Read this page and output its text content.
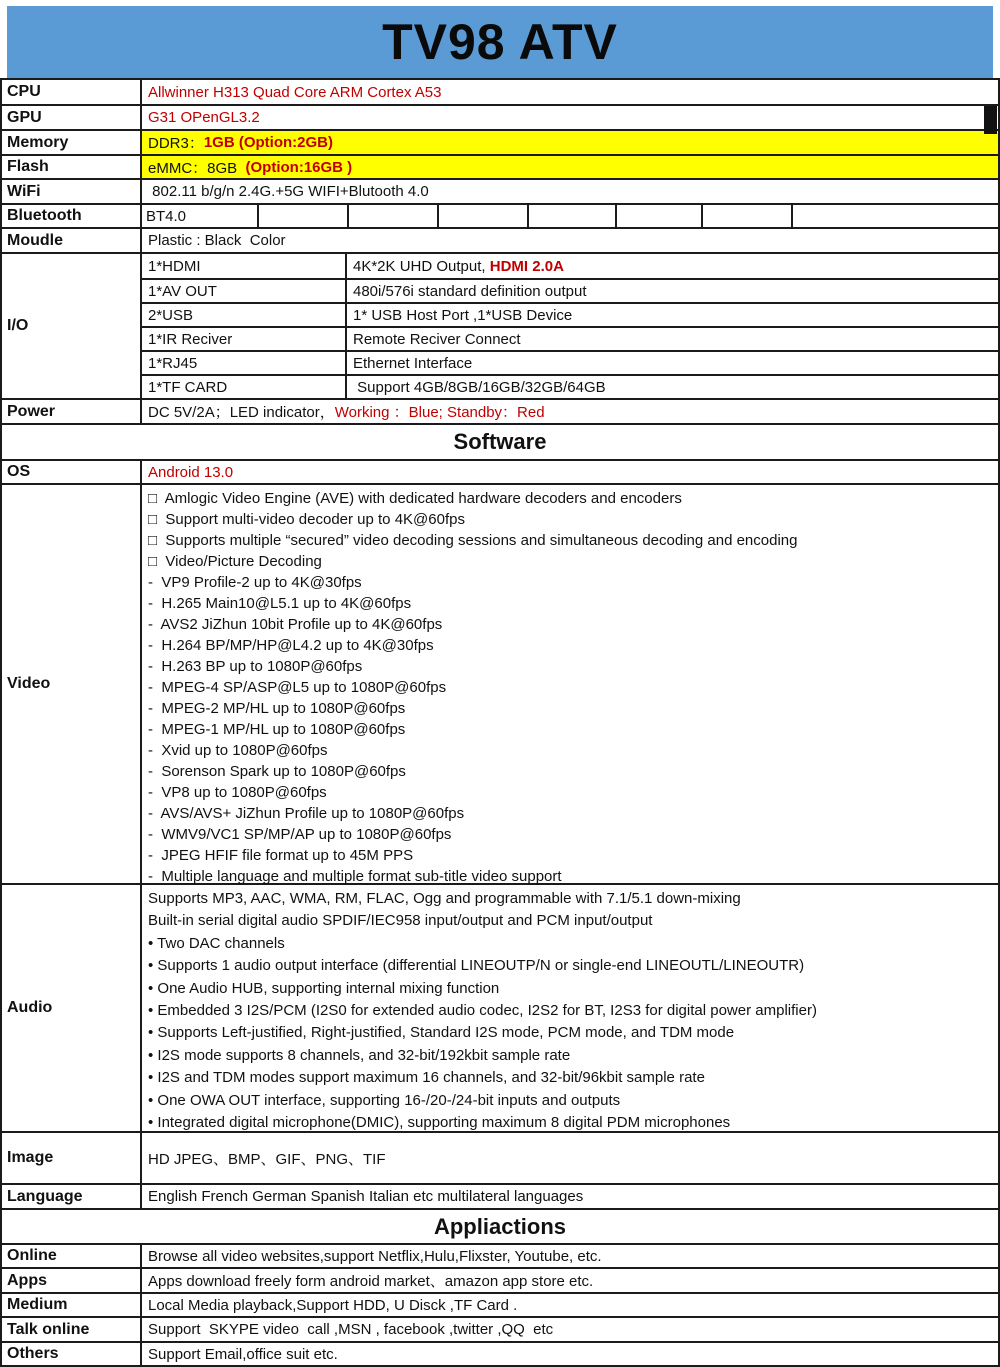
TV98 ATV
CPU	Allwinner H313 Quad Core ARM Cortex A53
GPU	G31 OPenGL3.2
Memory	DDR3： 1GB (Option:2GB)
Flash	eMMC：8GB (Option:16GB )
WiFi	802.11 b/g/n 2.4G.+5G WIFI+Blutooth 4.0
Bluetooth	BT4.0
Moudle	Plastic : Black  Color
I/O
1*HDMI	4K*2K UHD Output, HDMI 2.0A
1*AV OUT	480i/576i standard definition output
2*USB	1* USB Host Port ,1*USB Device
1*IR Reciver	Remote Reciver Connect
1*RJ45	Ethernet Interface
1*TF CARD	Support 4GB/8GB/16GB/32GB/64GB
Power	DC 5V/2A；LED indicator， Working ：Blue; Standby：Red
Software
OS	Android 13.0
Video
□  Amlogic Video Engine (AVE) with dedicated hardware decoders and encoders
□  Support multi-video decoder up to 4K@60fps
□  Supports multiple “secured” video decoding sessions and simultaneous decoding and encoding
□  Video/Picture Decoding
-  VP9 Profile-2 up to 4K@30fps
-  H.265 Main10@L5.1 up to 4K@60fps
-  AVS2 JiZhun 10bit Profile up to 4K@60fps
-  H.264 BP/MP/HP@L4.2 up to 4K@30fps
-  H.263 BP up to 1080P@60fps
-  MPEG-4 SP/ASP@L5 up to 1080P@60fps
-  MPEG-2 MP/HL up to 1080P@60fps
-  MPEG-1 MP/HL up to 1080P@60fps
-  Xvid up to 1080P@60fps
-  Sorenson Spark up to 1080P@60fps
-  VP8 up to 1080P@60fps
-  AVS/AVS+ JiZhun Profile up to 1080P@60fps
-  WMV9/VC1 SP/MP/AP up to 1080P@60fps
-  JPEG HFIF file format up to 45M PPS
-  Multiple language and multiple format sub-title video support
Audio
Supports MP3, AAC, WMA, RM, FLAC, Ogg and programmable with 7.1/5.1 down-mixing
Built-in serial digital audio SPDIF/IEC958 input/output and PCM input/output
• Two DAC channels
• Supports 1 audio output interface (differential LINEOUTP/N or single-end LINEOUTL/LINEOUTR)
• One Audio HUB, supporting internal mixing function
• Embedded 3 I2S/PCM (I2S0 for extended audio codec, I2S2 for BT, I2S3 for digital power amplifier)
• Supports Left-justified, Right-justified, Standard I2S mode, PCM mode, and TDM mode
• I2S mode supports 8 channels, and 32-bit/192kbit sample rate
• I2S and TDM modes support maximum 16 channels, and 32-bit/96kbit sample rate
• One OWA OUT interface, supporting 16-/20-/24-bit inputs and outputs
• Integrated digital microphone(DMIC), supporting maximum 8 digital PDM microphones
Image	HD JPEG、BMP、GIF、PNG、TIF
Language	English French German Spanish Italian etc multilateral languages
Appliactions
Online	Browse all video websites,support Netflix,Hulu,Flixster, Youtube, etc.
Apps	Apps download freely form android market、amazon app store etc.
Medium	Local Media playback,Support HDD, U Disck ,TF Card .
Talk online	Support  SKYPE video  call ,MSN , facebook ,twitter ,QQ  etc
Others	Support Email,office suit etc.
